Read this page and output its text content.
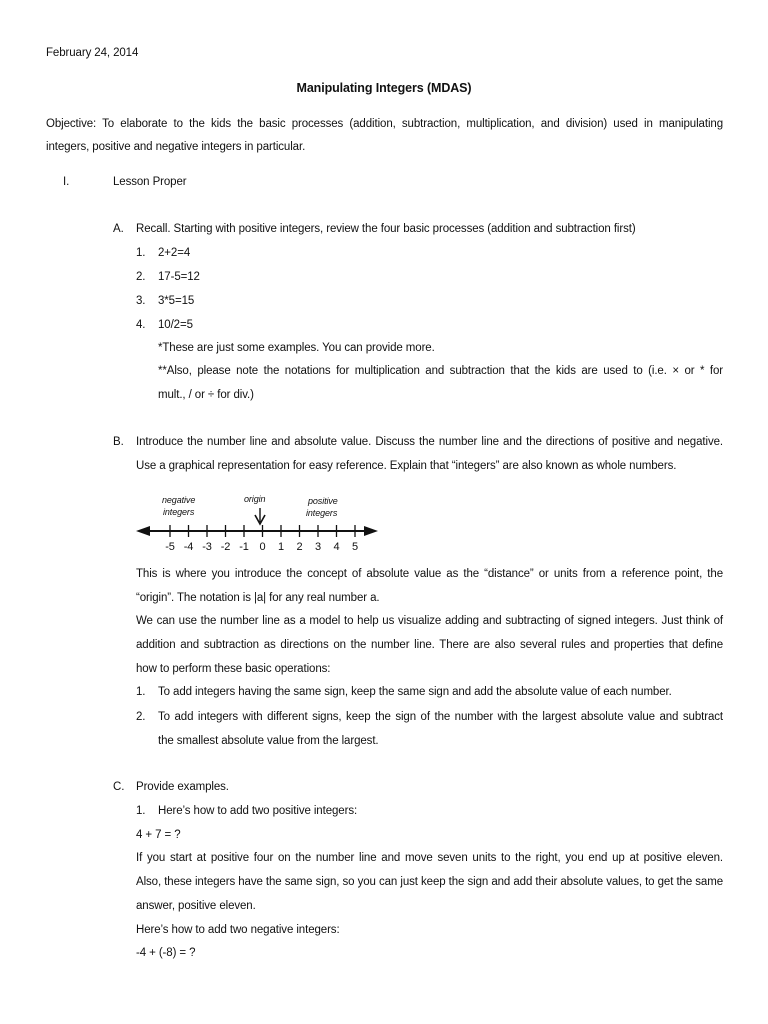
February 24, 2014
Manipulating Integers (MDAS)
Objective: To elaborate to the kids the basic processes (addition, subtraction, multiplication, and division) used in manipulating
integers, positive and negative integers in particular.
I.	Lesson Proper
A. Recall. Starting with positive integers, review the four basic processes (addition and subtraction first)
1. 2+2=4
2. 17-5=12
3. 3*5=15
4. 10/2=5
*These are just some examples. You can provide more.
**Also, please note the notations for multiplication and subtraction that the kids are used to (i.e. × or * for
mult., / or ÷ for div.)
B. Introduce the number line and absolute value. Discuss the number line and the directions of positive and negative.
Use a graphical representation for easy reference. Explain that “integers” are also known as whole numbers.
negative
integers
origin	positive
integers
-5 -4 -3 -2 -1 0 1 2 3 4 5
This is where you introduce the concept of absolute value as the “distance” or units from a reference point, the
“origin”. The notation is |a| for any real number a.
We can use the number line as a model to help us visualize adding and subtracting of signed integers. Just think of
addition and subtraction as directions on the number line. There are also several rules and properties that define
how to perform these basic operations:
1. To add integers having the same sign, keep the same sign and add the absolute value of each number.
2. To add integers with different signs, keep the sign of the number with the largest absolute value and subtract
the smallest absolute value from the largest.
C. Provide examples.
1. Here’s how to add two positive integers:
4 + 7 = ?
If you start at positive four on the number line and move seven units to the right, you end up at positive eleven.
Also, these integers have the same sign, so you can just keep the sign and add their absolute values, to get the same
answer, positive eleven.
Here’s how to add two negative integers:
-4 + (-8) = ?
